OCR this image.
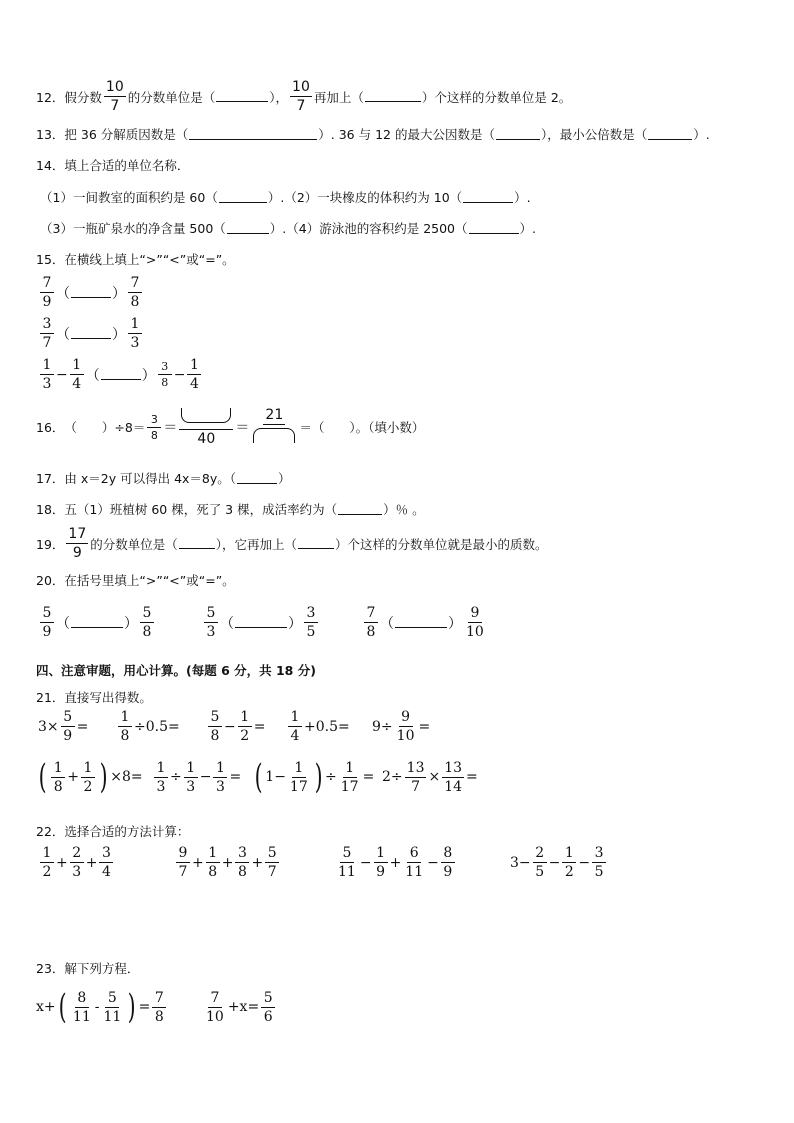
12． 假分数 $\frac{10}{7}$ 的分数单位是（	）， $\frac{10}{7}$ 再加上（	）个这样的分数单位是 2。
13． 把 36 分解质因数是（	）. 36 与 12 的最大公因数是（	），最小公倍数是（	）.
14． 填上合适的单位名称．
（1）一间教室的面积约是 60（	）.（2）一块橡皮的体积约为 10（	）.
（3）一瓶矿泉水的净含量 500（	）.（4）游泳池的容积约是 2500（	）.
15． 在横线上填上“>”“<”或“=”。
$\frac{7}{9}$ （	） $\frac{7}{8}$
$\frac{3}{7}$ （	） $\frac{1}{3}$
$\frac{1}{3} - \frac{1}{4}$ （	） $\frac{3}{8} - \frac{1}{4}$
16． （　　）$\div 8= \frac{3}{8}$ ＝
40
＝
21
＝（　　）。（填小数）
17． 由 x＝2y 可以得出 4x＝8y。（	）
18． 五（1）班植树 60 棵，死了 3 棵，成活率约为（	）％ 。
19． $\frac{17}{9}$ 的分数单位是（	），它再加上（	）个这样的分数单位就是最小的质数。
20． 在括号里填上“>”“<”或“=”。
$\frac{5}{9}$ （	） $\frac{5}{8}$	$\frac{5}{3}$ （	） $\frac{3}{5}$	$\frac{7}{8}$ （	） $\frac{9}{10}$
四、注意审题，用心计算。(每题 6 分，共 18 分)
21． 直接写出得数。
$3 \times \frac{5}{9} = \frac{1}{8} \div 0.5 = \frac{5}{8} - \frac{1}{2} = \frac{1}{4} + 0.5 = 9 \div \frac{9}{10}$ =
( $\frac{1}{8} + \frac{1}{2}$ ) × $8 = \frac{1}{3} \div \frac{1}{3} - \frac{1}{3}$ = ( $1 - \frac{1}{17}$ ) ÷ $\frac{1}{17} = 2 \div \frac{13}{7} \times \frac{13}{14}$ =
22． 选择合适的方法计算：
$\frac{1}{2} + \frac{2}{3} + \frac{3}{4}$	$\frac{9}{7} + \frac{1}{8} + \frac{3}{8} + \frac{5}{7}$	$\frac{5}{11} - \frac{1}{9} + \frac{6}{11} - \frac{8}{9}$	$3 - \frac{2}{5} - \frac{1}{2} - \frac{3}{5}$
23． 解下列方程．
x+ ( $\frac{8}{11} - \frac{5}{11}$ ) = $\frac{7}{8}$	$\frac{7}{10} +x= \frac{5}{6}$
